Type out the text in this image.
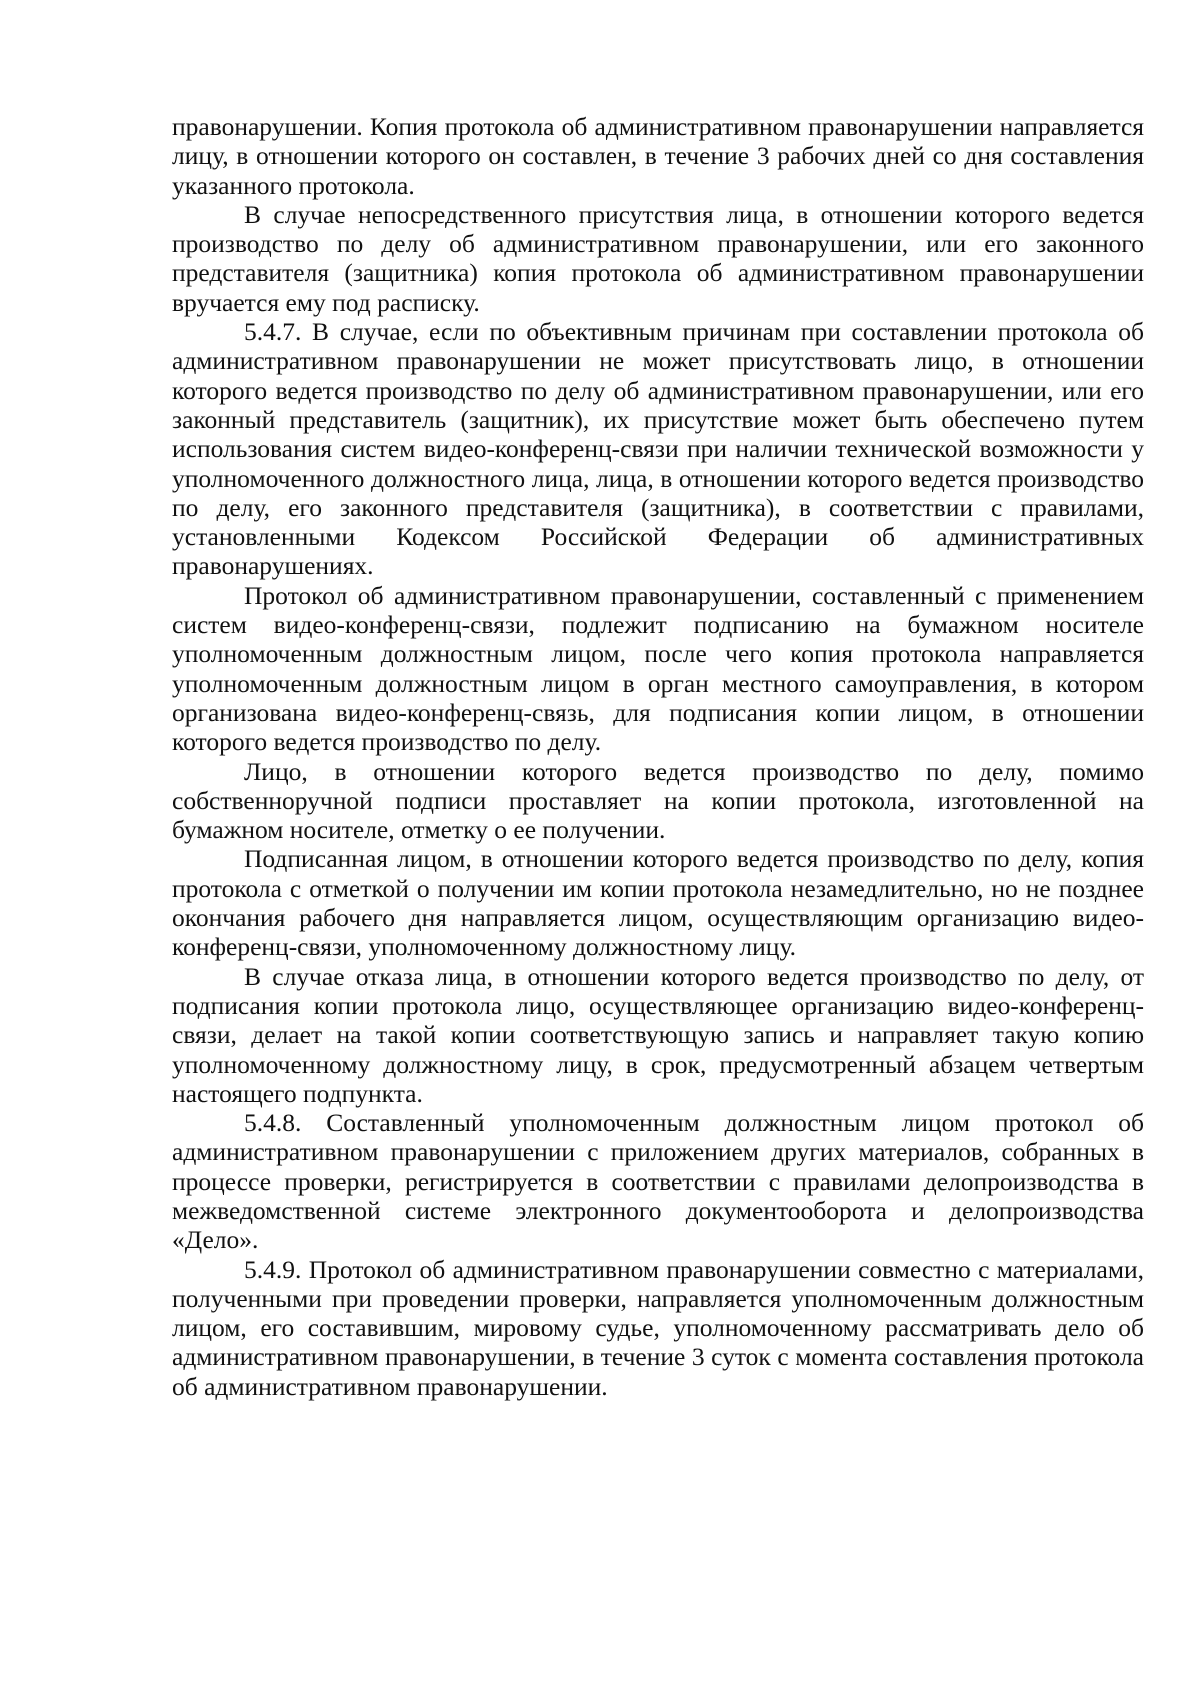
правонарушении. Копия протокола об административном правонарушении направляется лицу, в отношении которого он составлен, в течение 3 рабочих дней со дня составления указанного протокола.

В случае непосредственного присутствия лица, в отношении которого ведется производство по делу об административном правонарушении, или его законного представителя (защитника) копия протокола об административном правонарушении вручается ему под расписку.

5.4.7. В случае, если по объективным причинам при составлении протокола об административном правонарушении не может присутствовать лицо, в отношении которого ведется производство по делу об административном правонарушении, или его законный представитель (защитник), их присутствие может быть обеспечено путем использования систем видео-конференц-связи при наличии технической возможности у уполномоченного должностного лица, лица, в отношении которого ведется производство по делу, его законного представителя (защитника), в соответствии с правилами, установленными Кодексом Российской Федерации об административных правонарушениях.

Протокол об административном правонарушении, составленный с применением систем видео-конференц-связи, подлежит подписанию на бумажном носителе уполномоченным должностным лицом, после чего копия протокола направляется уполномоченным должностным лицом в орган местного самоуправления, в котором организована видео-конференц-связь, для подписания копии лицом, в отношении которого ведется производство по делу.

Лицо, в отношении которого ведется производство по делу, помимо собственноручной подписи проставляет на копии протокола, изготовленной на бумажном носителе, отметку о ее получении.

Подписанная лицом, в отношении которого ведется производство по делу, копия протокола с отметкой о получении им копии протокола незамедлительно, но не позднее окончания рабочего дня направляется лицом, осуществляющим организацию видео-конференц-связи, уполномоченному должностному лицу.

В случае отказа лица, в отношении которого ведется производство по делу, от подписания копии протокола лицо, осуществляющее организацию видео-конференц-связи, делает на такой копии соответствующую запись и направляет такую копию уполномоченному должностному лицу, в срок, предусмотренный абзацем четвертым настоящего подпункта.

5.4.8. Составленный уполномоченным должностным лицом протокол об административном правонарушении с приложением других материалов, собранных в процессе проверки, регистрируется в соответствии с правилами делопроизводства в межведомственной системе электронного документооборота и делопроизводства «Дело».

5.4.9. Протокол об административном правонарушении совместно с материалами, полученными при проведении проверки, направляется уполномоченным должностным лицом, его составившим, мировому судье, уполномоченному рассматривать дело об административном правонарушении, в течение 3 суток с момента составления протокола об административном правонарушении.
